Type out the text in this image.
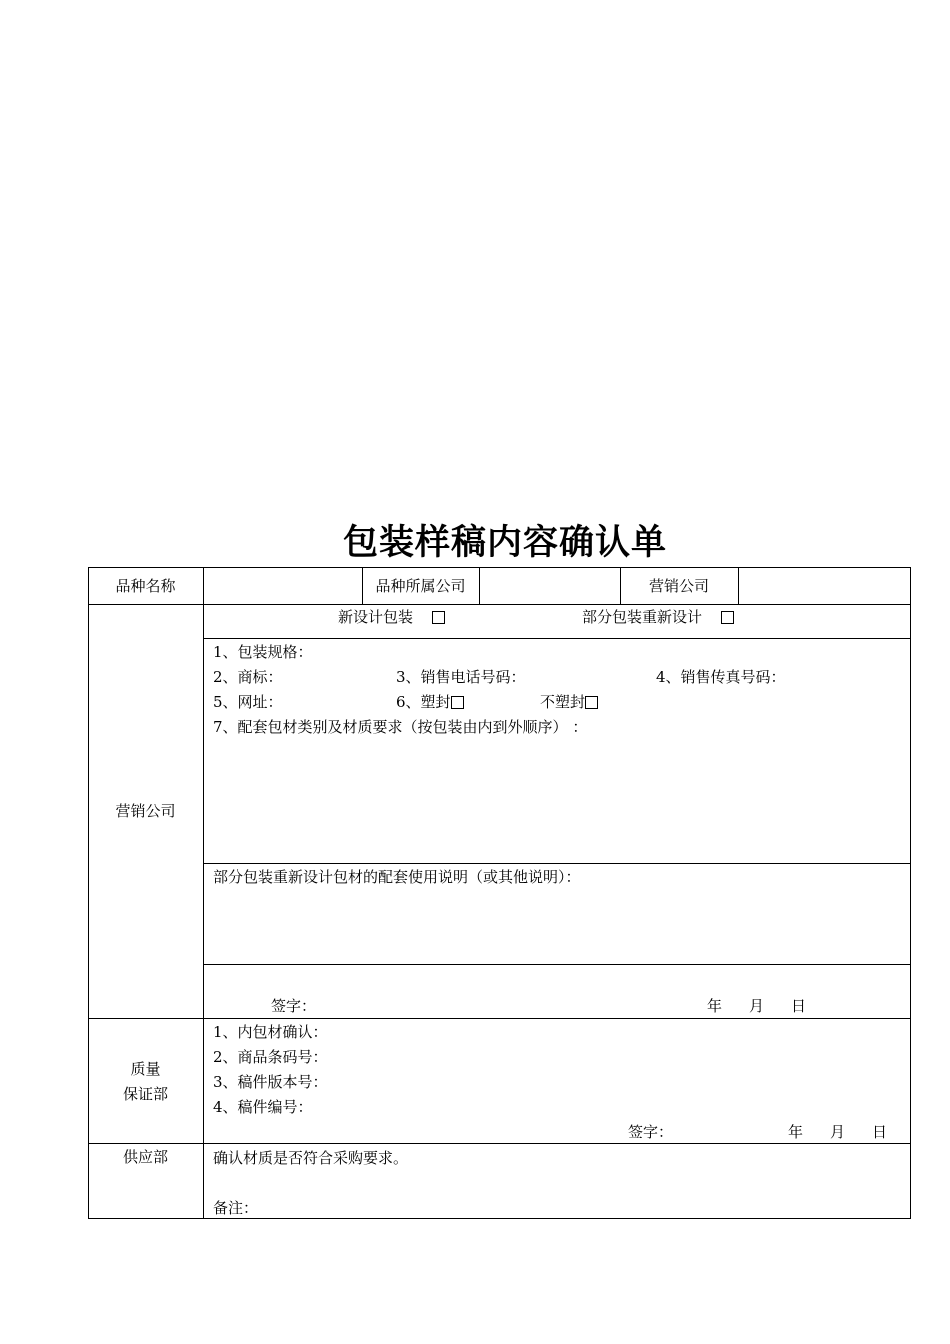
包装样稿内容确认单
品种名称	品种所属公司	营销公司
营销公司
新设计包装	部分包装重新设计
1、包装规格：
2、商标：	3、销售电话号码：	4、销售传真号码：
5、网址：	6、塑封	不塑封
7、配套包材类别及材质要求（按包装由内到外顺序） ：
部分包装重新设计包材的配套使用说明（或其他说明）：
签字：	年 月 日
质量
保证部
1、内包材确认：
2、商品条码号：
3、稿件版本号：
4、稿件编号：
签字：	年 月 日
供应部	确认材质是否符合采购要求。
备注：
